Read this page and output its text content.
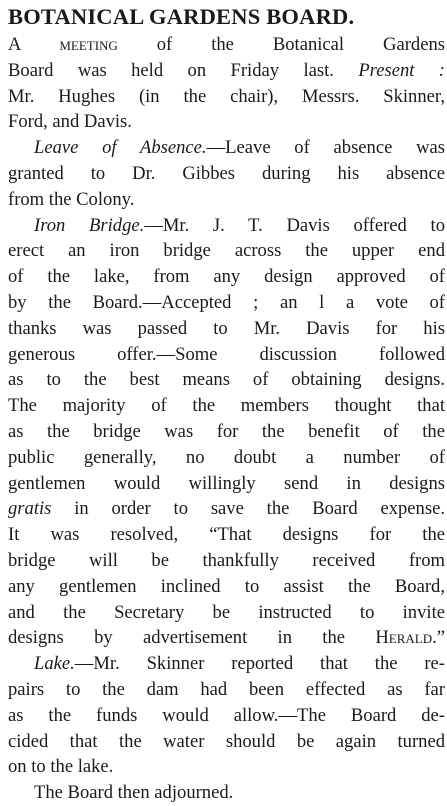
BOTANICAL GARDENS BOARD.
A meeting of the Botanical Gardens
Board was held on Friday last. Present :
Mr. Hughes (in the chair), Messrs. Skinner,
Ford, and Davis.
Leave of Absence.—Leave of absence was
granted to Dr. Gibbes during his absence
from the Colony.
Iron Bridge.—Mr. J. T. Davis offered to
erect an iron bridge across the upper end
of the lake, from any design approved of
by the Board.—Accepted ; an l a vote of
thanks was passed to Mr. Davis for his
generous offer.—Some discussion followed
as to the best means of obtaining designs.
The majority of the members thought that
as the bridge was for the benefit of the
public generally, no doubt a number of
gentlemen would willingly send in designs
gratis in order to save the Board expense.
It was resolved, “That designs for the
bridge will be thankfully received from
any gentlemen inclined to assist the Board,
and the Secretary be instructed to invite
designs by advertisement in the Herald.”
Lake.—Mr. Skinner reported that the re-
pairs to the dam had been effected as far
as the funds would allow.—The Board de-
cided that the water should be again turned
on to the lake.
The Board then adjourned.
